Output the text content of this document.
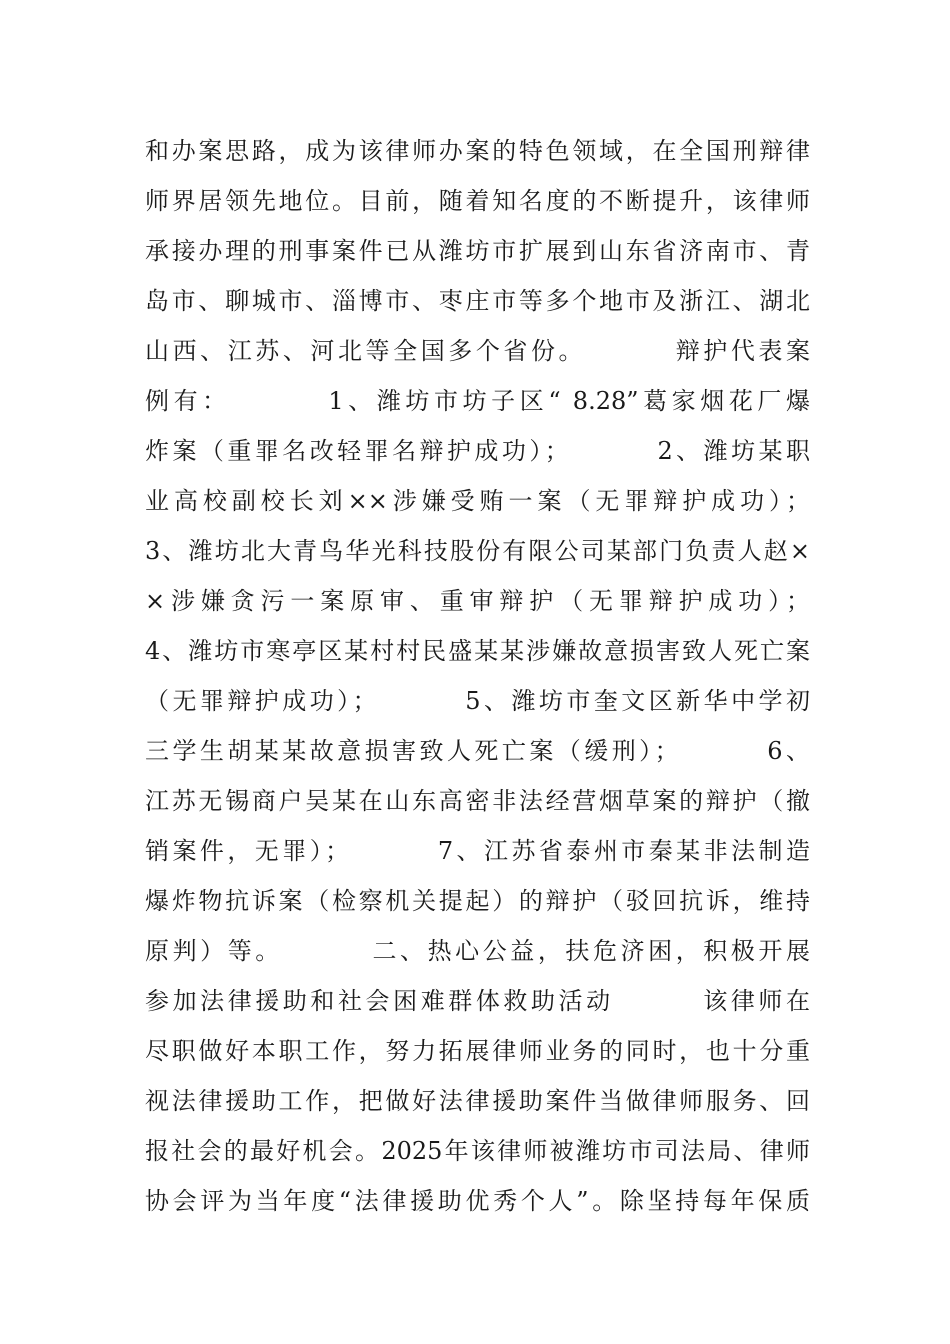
和办案思路，成为该律师办案的特色领域，在全国刑辩律
师界居领先地位。目前，随着知名度的不断提升，该律师
承接办理的刑事案件已从潍坊市扩展到山东省济南市、青
岛市、聊城市、淄博市、枣庄市等多个地市及浙江、湖北
山西、江苏、河北等全国多个省份。        辩护代表案
例有：        1、潍坊市坊子区“ 8.28”葛家烟花厂爆
炸案（重罪名改轻罪名辩护成功）；        2、潍坊某职
业高校副校长刘××涉嫌受贿一案（无罪辩护成功）；
3、潍坊北大青鸟华光科技股份有限公司某部门负责人赵×
×涉嫌贪污一案原审、重审辩护（无罪辩护成功）；
4、潍坊市寒亭区某村村民盛某某涉嫌故意损害致人死亡案
（无罪辩护成功）；        5、潍坊市奎文区新华中学初
三学生胡某某故意损害致人死亡案（缓刑）；        6、
江苏无锡商户吴某在山东高密非法经营烟草案的辩护（撤
销案件，无罪）；        7、江苏省泰州市秦某非法制造
爆炸物抗诉案（检察机关提起）的辩护（驳回抗诉，维持
原判）等。        二、热心公益，扶危济困，积极开展
参加法律援助和社会困难群体救助活动        该律师在
尽职做好本职工作，努力拓展律师业务的同时，也十分重
视法律援助工作，把做好法律援助案件当做律师服务、回
报社会的最好机会。2025年该律师被潍坊市司法局、律师
协会评为当年度“法律援助优秀个人”。除坚持每年保质
